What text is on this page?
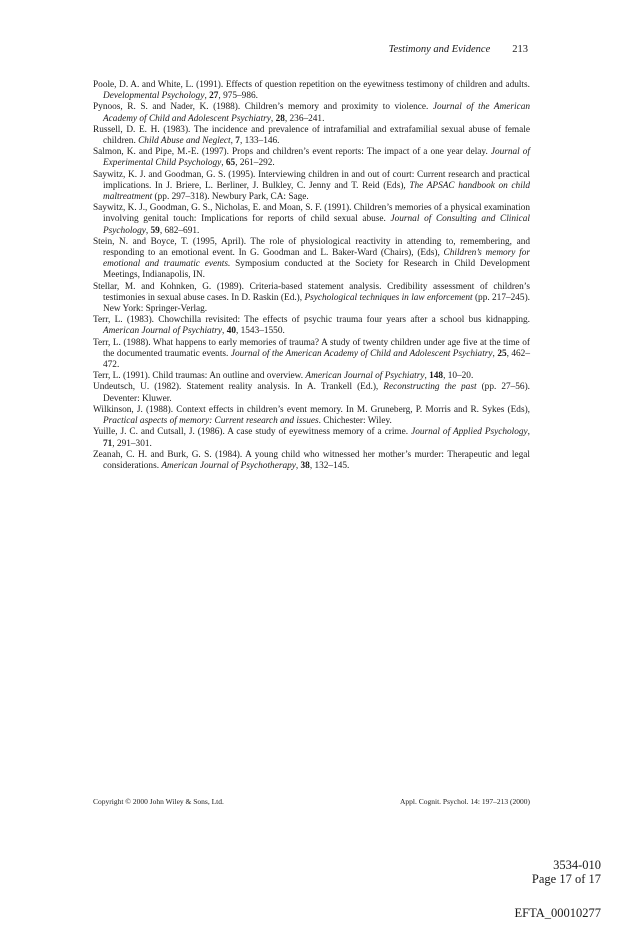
Testimony and Evidence 213

Poole, D. A. and White, L. (1991). Effects of question repetition on the eyewitness testimony of children and adults. Developmental Psychology, 27, 975–986.

Pynoos, R. S. and Nader, K. (1988). Children’s memory and proximity to violence. Journal of the American Academy of Child and Adolescent Psychiatry, 28, 236–241.

Russell, D. E. H. (1983). The incidence and prevalence of intrafamilial and extrafamilial sexual abuse of female children. Child Abuse and Neglect, 7, 133–146.

Salmon, K. and Pipe, M.-E. (1997). Props and children’s event reports: The impact of a one year delay. Journal of Experimental Child Psychology, 65, 261–292.

Saywitz, K. J. and Goodman, G. S. (1995). Interviewing children in and out of court: Current research and practical implications. In J. Briere, L. Berliner, J. Bulkley, C. Jenny and T. Reid (Eds), The APSAC handbook on child maltreatment (pp. 297–318). Newbury Park, CA: Sage.

Saywitz, K. J., Goodman, G. S., Nicholas, E. and Moan, S. F. (1991). Children’s memories of a physical examination involving genital touch: Implications for reports of child sexual abuse. Journal of Consulting and Clinical Psychology, 59, 682–691.

Stein, N. and Boyce, T. (1995, April). The role of physiological reactivity in attending to, remembering, and responding to an emotional event. In G. Goodman and L. Baker-Ward (Chairs), (Eds), Children’s memory for emotional and traumatic events. Symposium conducted at the Society for Research in Child Development Meetings, Indianapolis, IN.

Stellar, M. and Kohnken, G. (1989). Criteria-based statement analysis. Credibility assessment of children’s testimonies in sexual abuse cases. In D. Raskin (Ed.), Psychological techniques in law enforcement (pp. 217–245). New York: Springer-Verlag.

Terr, L. (1983). Chowchilla revisited: The effects of psychic trauma four years after a school bus kidnapping. American Journal of Psychiatry, 40, 1543–1550.

Terr, L. (1988). What happens to early memories of trauma? A study of twenty children under age five at the time of the documented traumatic events. Journal of the American Academy of Child and Adolescent Psychiatry, 25, 462–472.

Terr, L. (1991). Child traumas: An outline and overview. American Journal of Psychiatry, 148, 10–20.

Undeutsch, U. (1982). Statement reality analysis. In A. Trankell (Ed.), Reconstructing the past (pp. 27–56). Deventer: Kluwer.

Wilkinson, J. (1988). Context effects in children’s event memory. In M. Gruneberg, P. Morris and R. Sykes (Eds), Practical aspects of memory: Current research and issues. Chichester: Wiley.

Yuille, J. C. and Cutsall, J. (1986). A case study of eyewitness memory of a crime. Journal of Applied Psychology, 71, 291–301.

Zeanah, C. H. and Burk, G. S. (1984). A young child who witnessed her mother’s murder: Therapeutic and legal considerations. American Journal of Psychotherapy, 38, 132–145.

Copyright © 2000 John Wiley & Sons, Ltd.	Appl. Cognit. Psychol. 14: 197–213 (2000)
3534-010
Page 17 of 17
EFTA_00010277
